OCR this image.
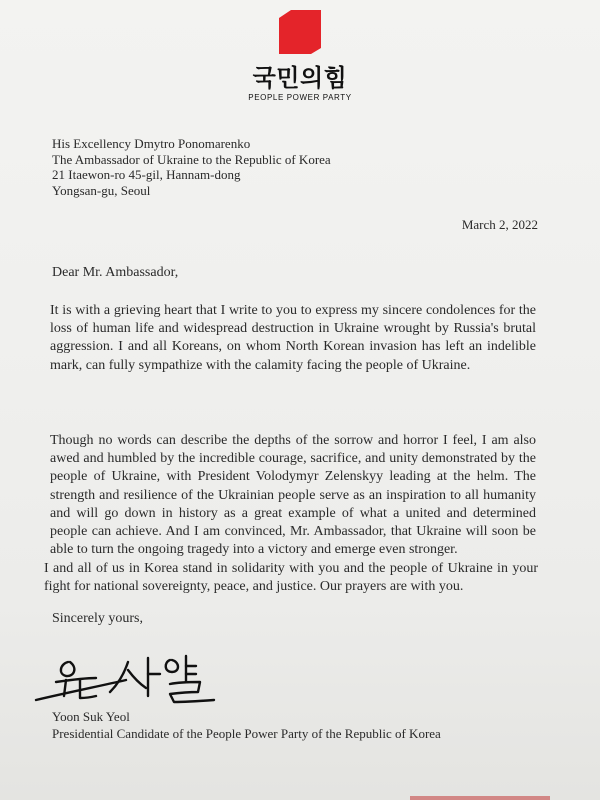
국민의힘
PEOPLE POWER PARTY
His Excellency Dmytro Ponomarenko
The Ambassador of Ukraine to the Republic of Korea
21 Itaewon-ro 45-gil, Hannam-dong
Yongsan-gu, Seoul
March 2, 2022
Dear Mr. Ambassador,

It is with a grieving heart that I write to you to express my sincere condolences for the loss of human life and widespread destruction in Ukraine wrought by Russia's brutal aggression. I and all Koreans, on whom North Korean invasion has left an indelible mark, can fully sympathize with the calamity facing the people of Ukraine.

Though no words can describe the depths of the sorrow and horror I feel, I am also awed and humbled by the incredible courage, sacrifice, and unity demonstrated by the people of Ukraine, with President Volodymyr Zelenskyy leading at the helm. The strength and resilience of the Ukrainian people serve as an inspiration to all humanity and will go down in history as a great example of what a united and determined people can achieve. And I am convinced, Mr. Ambassador, that Ukraine will soon be able to turn the ongoing tragedy into a victory and emerge even stronger.

I and all of us in Korea stand in solidarity with you and the people of Ukraine in your fight for national sovereignty, peace, and justice. Our prayers are with you.

Sincerely yours,
Yoon Suk Yeol
Presidential Candidate of the People Power Party of the Republic of Korea
